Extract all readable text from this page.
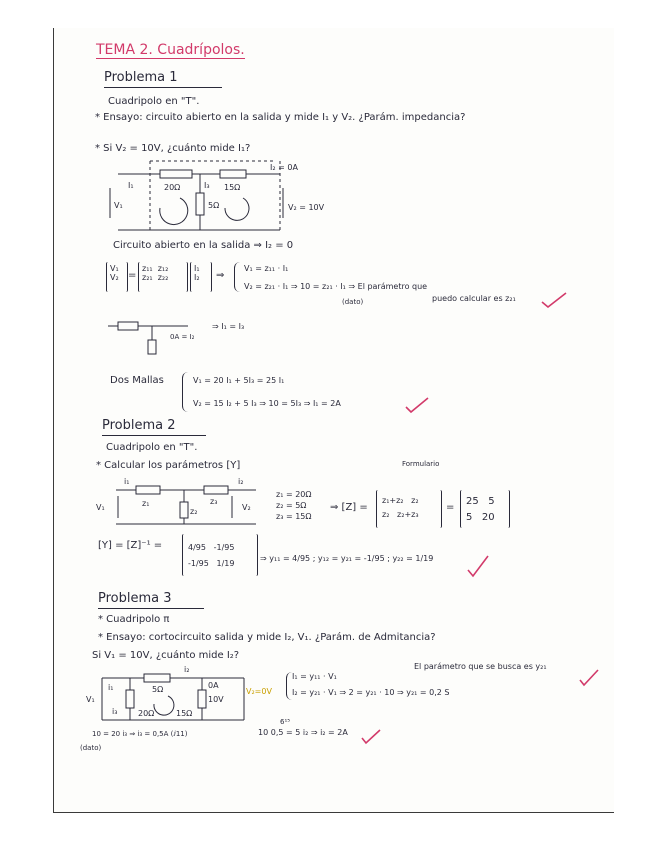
TEMA 2. Cuadrípolos.
Problema 1
Cuadripolo en "T".
* Ensayo: circuito abierto en la salida y mide I₁ y V₂. ¿Parám. impedancia?
* Si V₂ = 10V, ¿cuánto mide I₁?
I₁
I₂ = 0A
20Ω	15Ω
5Ω
I₃
V₁	V₂ = 10V
Circuito abierto en la salida ⇒ I₂ = 0
V₁
V₂ =
z₁₁  z₁₂
z₂₁  z₂₂
I₁
I₂ ⇒
V₁ = z₁₁ · I₁
V₂ = z₂₁ · I₁ ⇒ 10 = z₂₁ · I₁ ⇒ El parámetro que
puedo calcular es z₂₁
(dato)
0A = I₂
⇒ I₁ = I₃
Dos Mallas	V₁ = 20 I₁ + 5I₃ = 25 I₁
V₂ = 15 I₂ + 5 I₃ ⇒ 10 = 5I₃ ⇒ I₁ = 2A
Problema 2
Cuadripolo en "T".
* Calcular los parámetros [Y]	Formulario
i₁	i₂
V₁	V₂
z₁
z₂
z₃
z₁ = 20Ω
z₂ = 5Ω
z₃ = 15Ω
⇒ [Z] =
z₁+z₂   z₂
z₂   z₂+z₃
=
25   5
5   20
[Y] = [Z]⁻¹ =	4/95   -1/95
-1/95   1/19
⇒ y₁₁ = 4/95 ; y₁₂ = y₂₁ = -1/95 ; y₂₂ = 1/19
Problema 3
* Cuadripolo π
* Ensayo: cortocircuito salida y mide I₂, V₁. ¿Parám. de Admitancia?
Si V₁ = 10V, ¿cuánto mide I₂?
V₁
i₁
i₂
i₃	20Ω
5Ω
15Ω
0A
10V
V₂=0V
I₁ = y₁₁ · V₁
I₂ = y₂₁ · V₁ ⇒ 2 = y₂₁ · 10 ⇒ y₂₁ = 0,2 S
El parámetro que se busca es y₂₁
10 = 20 i₃ ⇒ i₃ = 0,5A (ⅈ11)
(dato)
6¹⁵
10 0,5 = 5 i₂ ⇒ i₂ = 2A
